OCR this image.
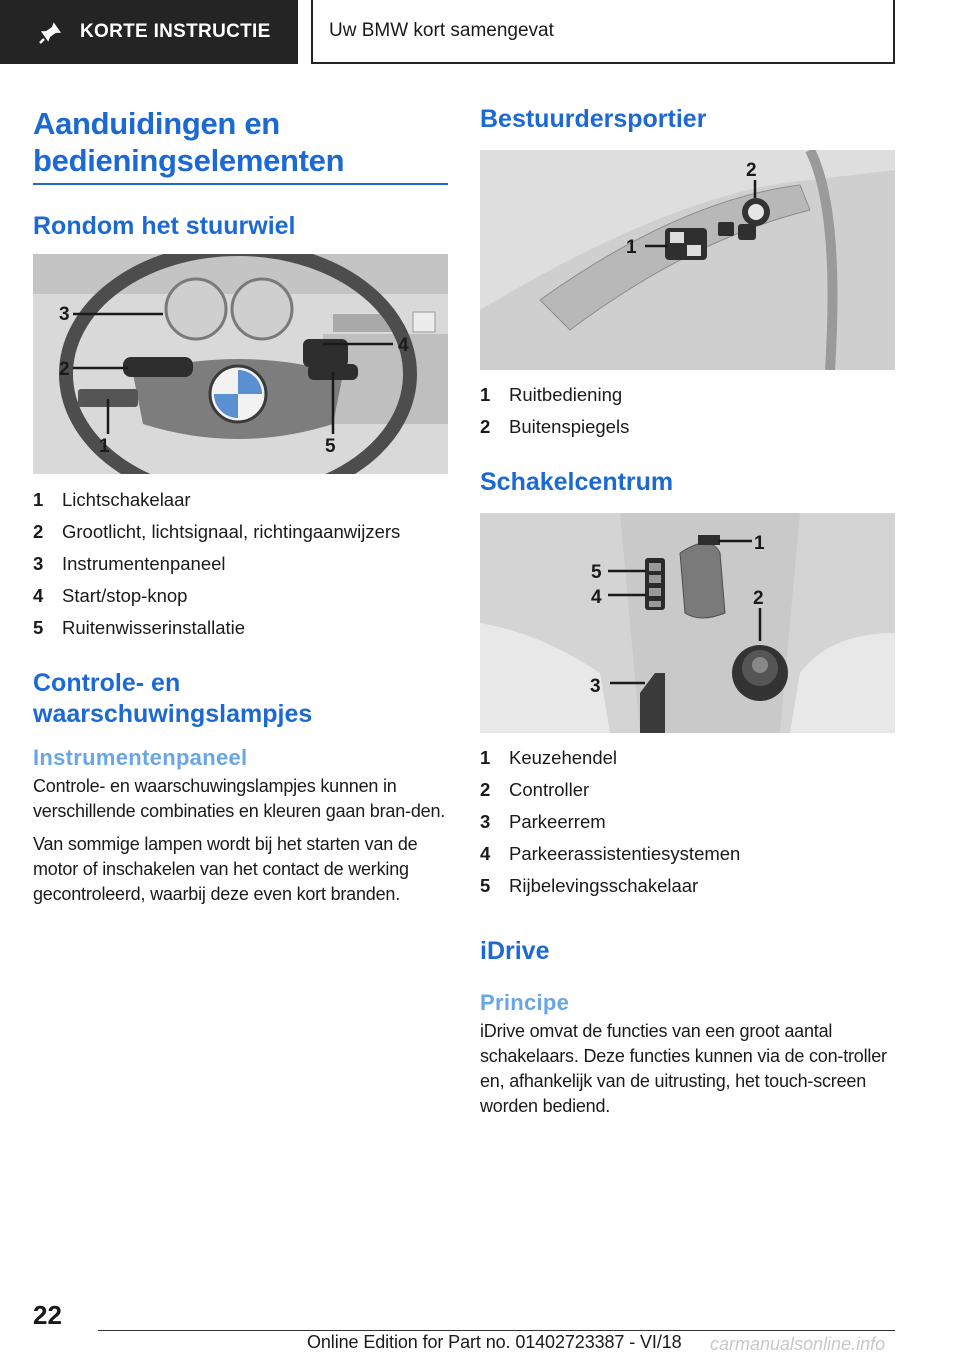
KORTE INSTRUCTIE	Uw BMW kort samengevat
Aanduidingen en bedieningselementen
Rondom het stuurwiel
3
2
1
4
5
1	Lichtschakelaar
2	Grootlicht, lichtsignaal, richtingaanwijzers
3	Instrumentenpaneel
4	Start/stop-knop
5	Ruitenwisserinstallatie
Controle- en waarschuwingslampjes
Instrumentenpaneel

Controle- en waarschuwingslampjes kunnen in verschillende combinaties en kleuren gaan bran-den.

Van sommige lampen wordt bij het starten van de motor of inschakelen van het contact de werking gecontroleerd, waarbij deze even kort branden.

Bestuurdersportier
1
2
1	Ruitbediening
2	Buitenspiegels
Schakelcentrum
1
5
4	2
3
1	Keuzehendel
2	Controller
3	Parkeerrem
4	Parkeerassistentiesystemen
5	Rijbelevingsschakelaar
iDrive
Principe

iDrive omvat de functies van een groot aantal schakelaars. Deze functies kunnen via de con-troller en, afhankelijk van de uitrusting, het touch-screen worden bediend.

22
Online Edition for Part no. 01402723387 - VI/18 carmanualsonline.info
